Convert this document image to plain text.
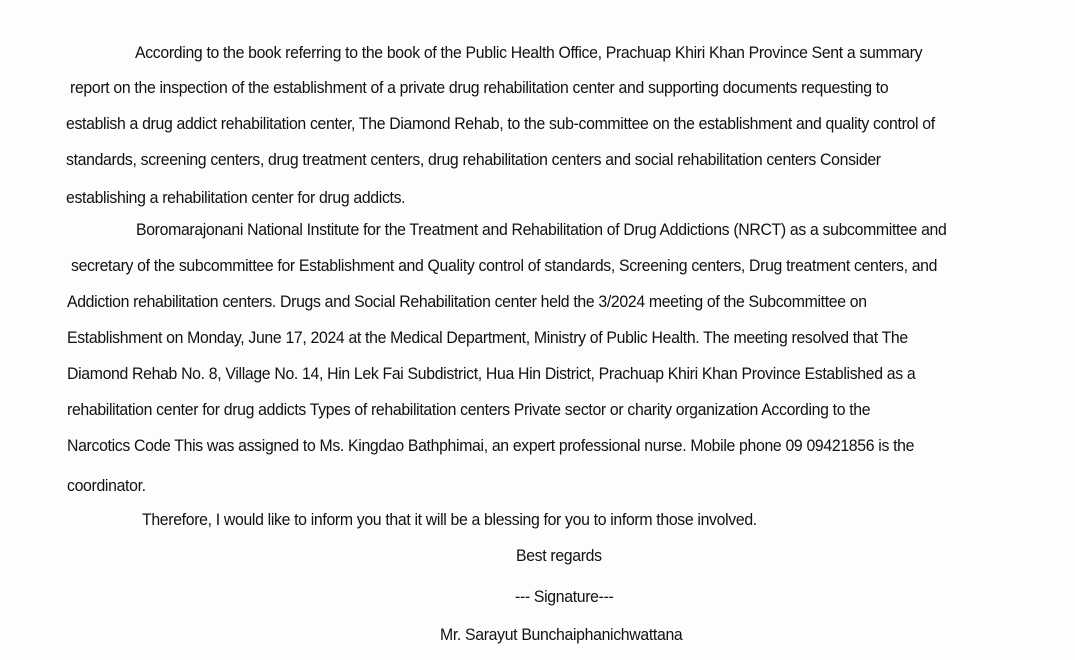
According to the book referring to the book of the Public Health Office, Prachuap Khiri Khan Province Sent a summary
report on the inspection of the establishment of a private drug rehabilitation center and supporting documents requesting to
establish a drug addict rehabilitation center, The Diamond Rehab, to the sub-committee on the establishment and quality control of
standards, screening centers, drug treatment centers, drug rehabilitation centers and social rehabilitation centers Consider
establishing a rehabilitation center for drug addicts.
Boromarajonani National Institute for the Treatment and Rehabilitation of Drug Addictions (NRCT) as a subcommittee and
secretary of the subcommittee for Establishment and Quality control of standards, Screening centers, Drug treatment centers, and
Addiction rehabilitation centers. Drugs and Social Rehabilitation center held the 3/2024 meeting of the Subcommittee on
Establishment on Monday, June 17, 2024 at the Medical Department, Ministry of Public Health. The meeting resolved that The
Diamond Rehab No. 8, Village No. 14, Hin Lek Fai Subdistrict, Hua Hin District, Prachuap Khiri Khan Province Established as a
rehabilitation center for drug addicts Types of rehabilitation centers Private sector or charity organization According to the
Narcotics Code This was assigned to Ms. Kingdao Bathphimai, an expert professional nurse. Mobile phone 09 09421856 is the
coordinator.
Therefore, I would like to inform you that it will be a blessing for you to inform those involved.
Best regards
--- Signature---
Mr. Sarayut Bunchaiphanichwattana
